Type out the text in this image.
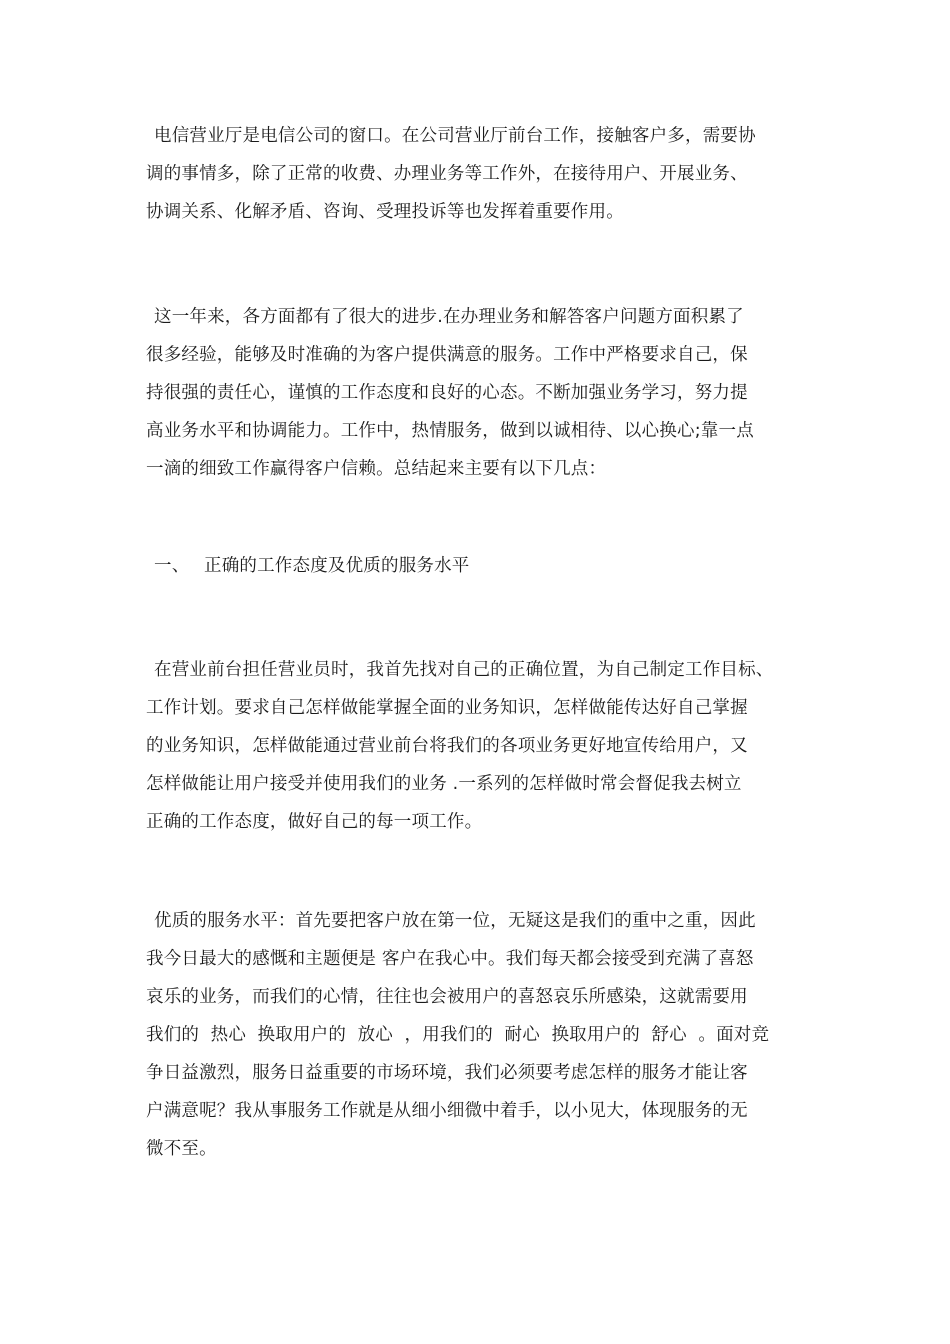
电信营业厅是电信公司的窗口。在公司营业厅前台工作，接触客户多，需要协
调的事情多，除了正常的收费、办理业务等工作外，在接待用户、开展业务、
协调关系、化解矛盾、咨询、受理投诉等也发挥着重要作用。
这一年来，各方面都有了很大的进步.在办理业务和解答客户问题方面积累了
很多经验，能够及时准确的为客户提供满意的服务。工作中严格要求自己，保
持很强的责任心，谨慎的工作态度和良好的心态。不断加强业务学习，努力提
高业务水平和协调能力。工作中，热情服务，做到以诚相待、以心换心;靠一点
一滴的细致工作赢得客户信赖。总结起来主要有以下几点：
一、 正确的工作态度及优质的服务水平
在营业前台担任营业员时，我首先找对自己的正确位置，为自己制定工作目标、
工作计划。要求自己怎样做能掌握全面的业务知识，怎样做能传达好自己掌握
的业务知识，怎样做能通过营业前台将我们的各项业务更好地宣传给用户，又
怎样做能让用户接受并使用我们的业务 .一系列的怎样做时常会督促我去树立
正确的工作态度，做好自己的每一项工作。
优质的服务水平：首先要把客户放在第一位，无疑这是我们的重中之重，因此
我今日最大的感慨和主题便是 客户在我心中。我们每天都会接受到充满了喜怒
哀乐的业务，而我们的心情，往往也会被用户的喜怒哀乐所感染，这就需要用
我们的  热心  换取用户的  放心  ，用我们的  耐心  换取用户的  舒心  。面对竞
争日益激烈，服务日益重要的市场环境，我们必须要考虑怎样的服务才能让客
户满意呢？我从事服务工作就是从细小细微中着手，以小见大，体现服务的无
微不至。
